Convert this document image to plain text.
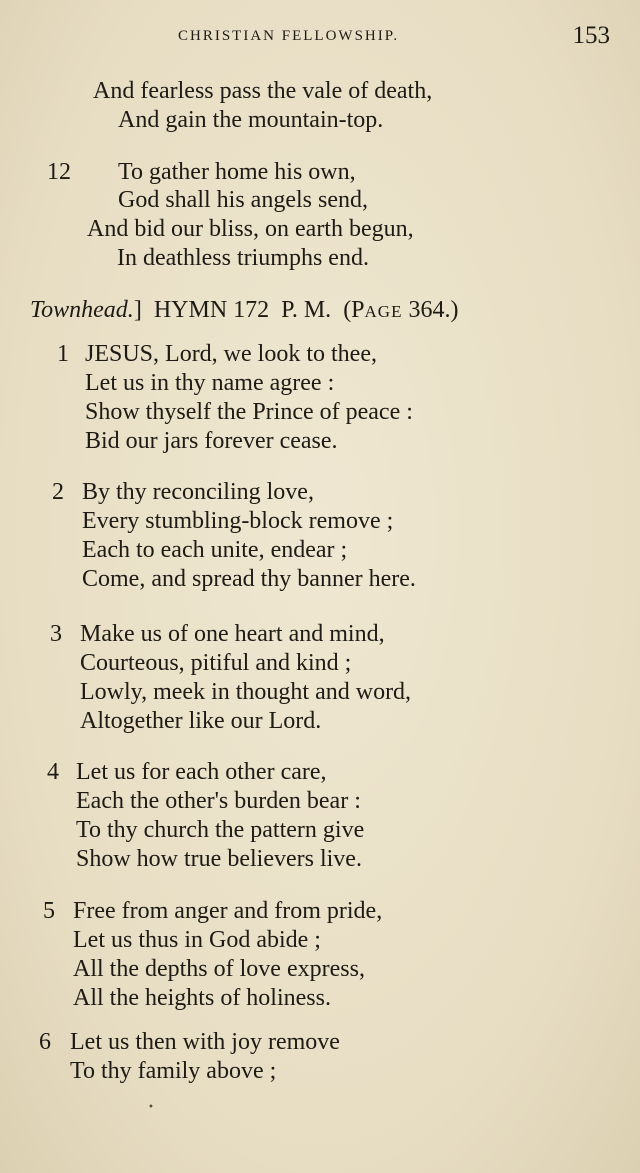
CHRISTIAN FELLOWSHIP.	153
And fearless pass the vale of death,
And gain the mountain-top.
12 To gather home his own,
God shall his angels send,
And bid our bliss, on earth begun,
In deathless triumphs end.
Townhead.] HYMN 172 P. M. (PAGE 364.)
1 JESUS, Lord, we look to thee,
Let us in thy name agree :
Show thyself the Prince of peace :
Bid our jars forever cease.
2 By thy reconciling love,
Every stumbling-block remove ;
Each to each unite, endear ;
Come, and spread thy banner here.
3 Make us of one heart and mind,
Courteous, pitiful and kind ;
Lowly, meek in thought and word,
Altogether like our Lord.
4 Let us for each other care,
Each the other's burden bear :
To thy church the pattern give
Show how true believers live.
5 Free from anger and from pride,
Let us thus in God abide ;
All the depths of love express,
All the heights of holiness.
6 Let us then with joy remove
To thy family above ;
•
